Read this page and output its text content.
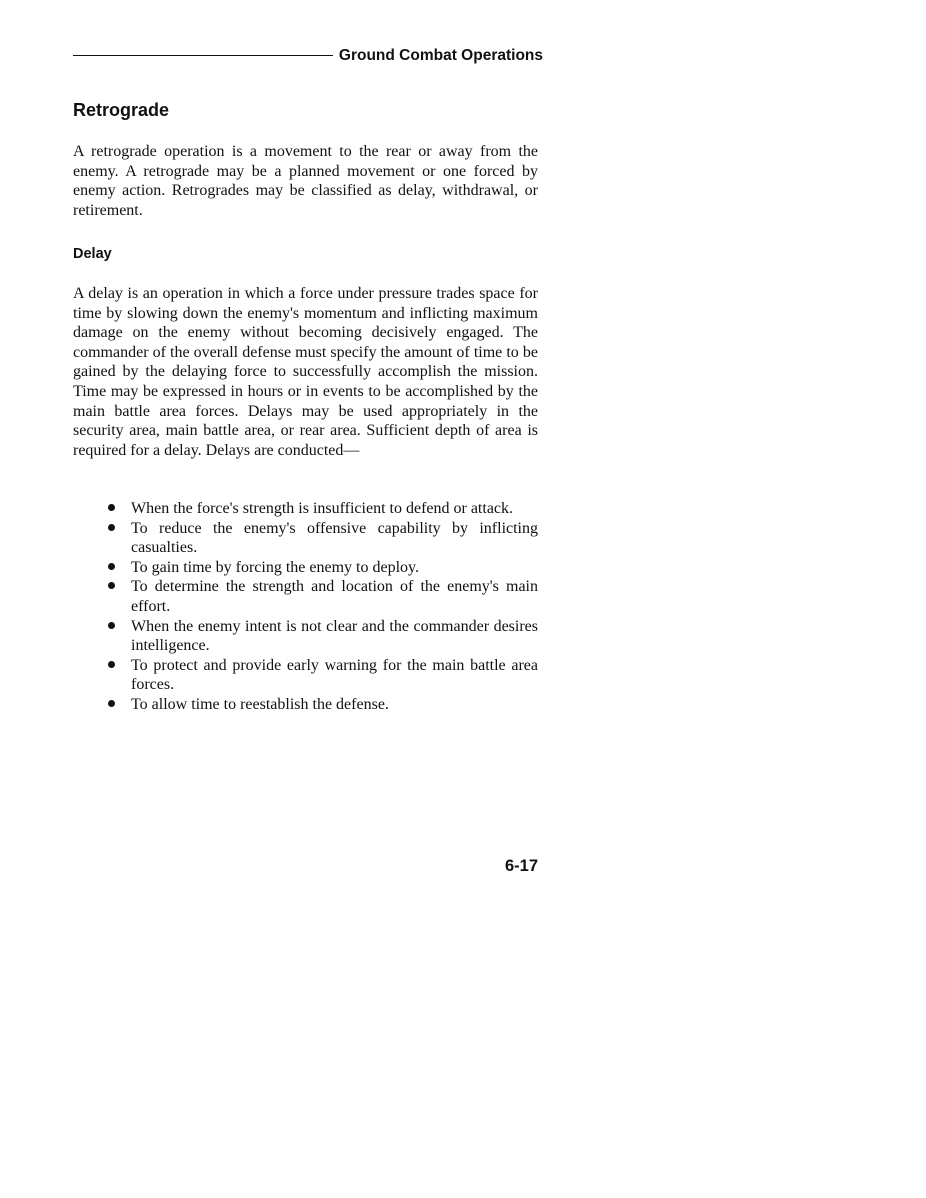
Ground Combat Operations
Retrograde

A retrograde operation is a movement to the rear or away from the enemy. A retrograde may be a planned movement or one forced by enemy action. Retrogrades may be classified as delay, withdrawal, or retirement.

Delay

A delay is an operation in which a force under pressure trades space for time by slowing down the enemy's momentum and inflicting maximum damage on the enemy without becoming decisively engaged. The commander of the overall defense must specify the amount of time to be gained by the delaying force to successfully accomplish the mission. Time may be expressed in hours or in events to be accomplished by the main battle area forces. Delays may be used appropriately in the security area, main battle area, or rear area. Sufficient depth of area is required for a delay. Delays are conducted—

When the force's strength is insufficient to defend or attack.
To reduce the enemy's offensive capability by inflicting casualties.
To gain time by forcing the enemy to deploy.
To determine the strength and location of the enemy's main effort.
When the enemy intent is not clear and the commander desires intelligence.
To protect and provide early warning for the main battle area forces.
To allow time to reestablish the defense.

6-17
